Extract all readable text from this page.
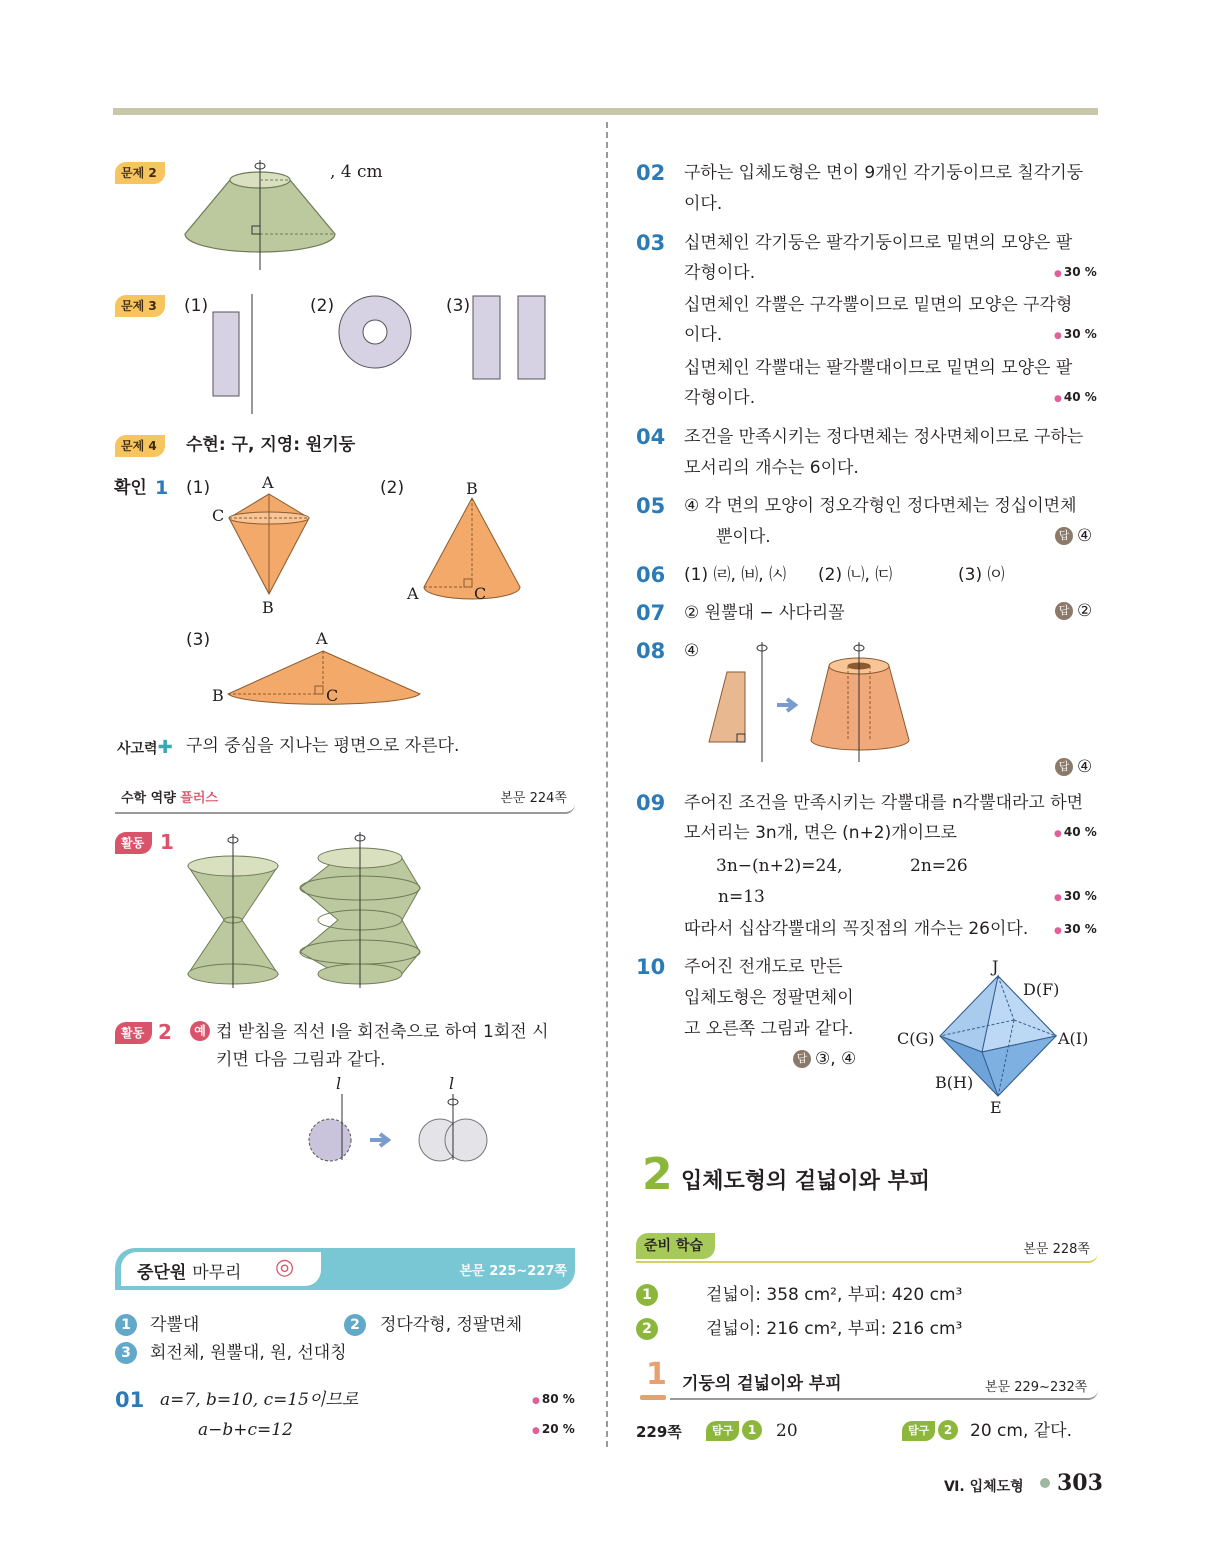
문제 2	, 4 cm
문제 3	(1)	(2)	(3)
문제 4	수현: 구, 지영: 원기둥
확인 1 (1)	(2)
(3)
A
C
B
B
A	C
A
B	C
사고력✚ 구의 중심을 지나는 평면으로 자른다.
수학 역량 플러스	본문 224쪽
활동 1
활동 2	예 컵 받침을 직선 l을 회전축으로 하여 1회전 시
키면 다음 그림과 같다.
l	l
중단원 마무리 ◎	본문 225~227쪽
1	각뿔대	2	정다각형, 정팔면체
3	회전체, 원뿔대, 원, 선대칭
01 a=7, b=10, c=15이므로	● 80 %
a−b+c=12	● 20 %
02 구하는 입체도형은 면이 9개인 각기둥이므로 칠각기둥
이다.
03 십면체인 각기둥은 팔각기둥이므로 밑면의 모양은 팔
각형이다.	● 30 %
십면체인 각뿔은 구각뿔이므로 밑면의 모양은 구각형
이다.	● 30 %
십면체인 각뿔대는 팔각뿔대이므로 밑면의 모양은 팔
각형이다.	● 40 %
04 조건을 만족시키는 정다면체는 정사면체이므로 구하는
모서리의 개수는 6이다.
05 ④ 각 면의 모양이 정오각형인 정다면체는 정십이면체
뿐이다.	답 ④
06 (1) ㈃, ㈅, ㈆ (2) ㈁, ㈂	(3) ㈇
07 ② 원뿔대 − 사다리꼴	답 ②
08 ④
답 ④
09 주어진 조건을 만족시키는 각뿔대를 n각뿔대라고 하면
모서리는 3n개, 면은 (n+2)개이므로	● 40 %
3n−(n+2)=24,	2n=26
n=13	● 30 %
따라서 십삼각뿔대의 꼭짓점의 개수는 26이다.	● 30 %
10 주어진 전개도로 만든
입체도형은 정팔면체이
고 오른쪽 그림과 같다.
답 ③, ④
J
D(F)
C(G)	A(I)
B(H)
E
2 입체도형의 겉넓이와 부피
준비 학습	본문 228쪽
1	겉넓이: 358 cm², 부피: 420 cm³
2	겉넓이: 216 cm², 부피: 216 cm³
1 기둥의 겉넓이와 부피	본문 229~232쪽
229쪽	탐구	1	20	탐구	2	20 cm, 같다.
Ⅵ. 입체도형 303
